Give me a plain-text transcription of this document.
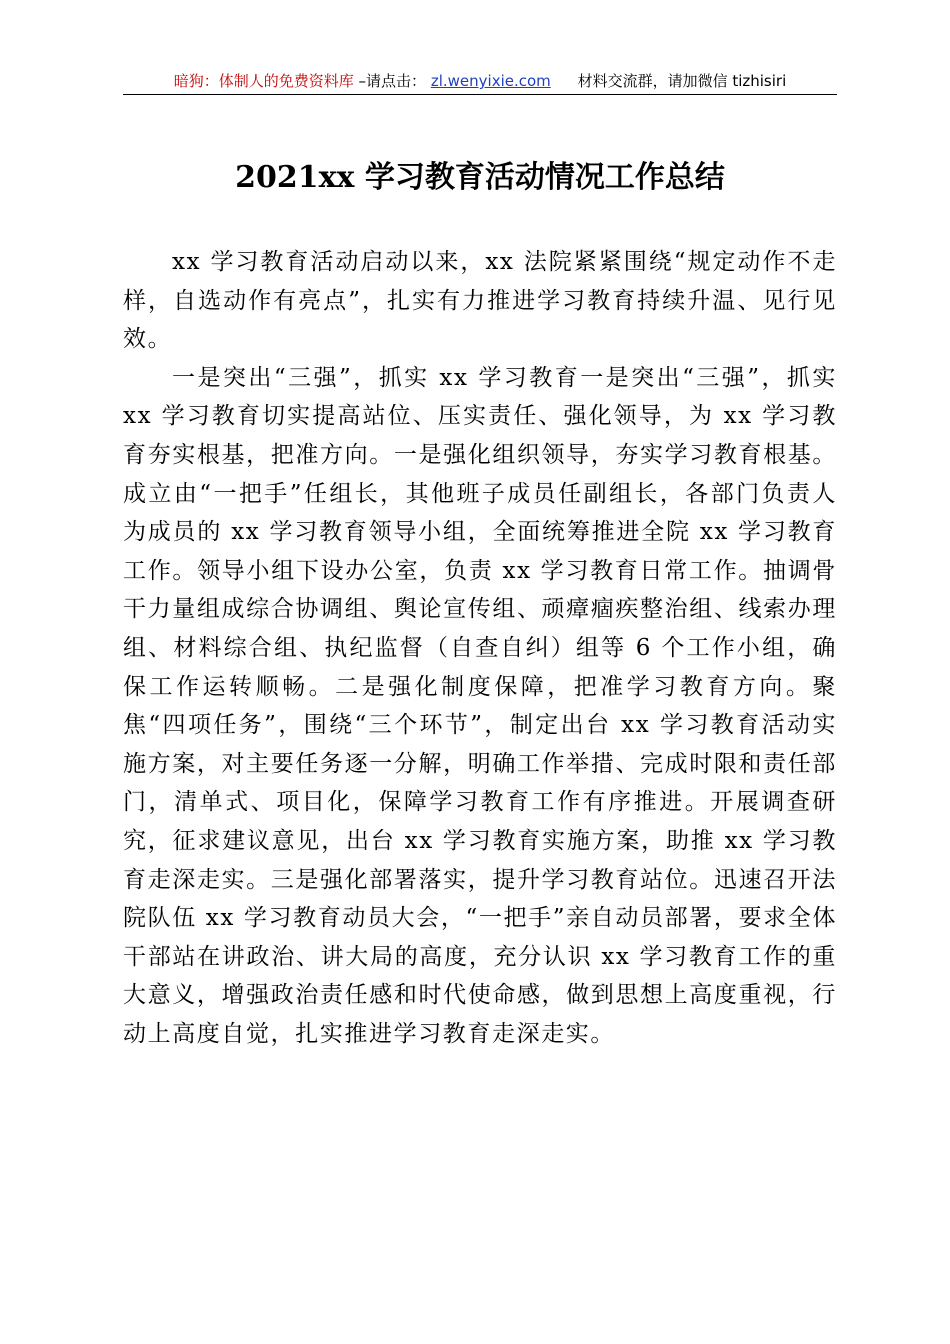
暗狗：体制人的免费资料库 –请点击： zl.wenyixie.com 材料交流群，请加微信 tizhisiri
2021xx 学习教育活动情况工作总结

xx 学习教育活动启动以来，xx 法院紧紧围绕“规定动作不走样，自选动作有亮点”，扎实有力推进学习教育持续升温、见行见效。

一是突出“三强”，抓实 xx 学习教育一是突出“三强”，抓实 xx 学习教育切实提高站位、压实责任、强化领导，为 xx 学习教育夯实根基，把准方向。一是强化组织领导，夯实学习教育根基。成立由“一把手”任组长，其他班子成员任副组长，各部门负责人为成员的 xx 学习教育领导小组，全面统筹推进全院 xx 学习教育工作。领导小组下设办公室，负责 xx 学习教育日常工作。抽调骨干力量组成综合协调组、舆论宣传组、顽瘴痼疾整治组、线索办理组、材料综合组、执纪监督（自查自纠）组等 6 个工作小组，确保工作运转顺畅。二是强化制度保障，把准学习教育方向。聚焦“四项任务”，围绕“三个环节”，制定出台 xx 学习教育活动实施方案，对主要任务逐一分解，明确工作举措、完成时限和责任部门，清单式、项目化，保障学习教育工作有序推进。开展调查研究，征求建议意见，出台 xx 学习教育实施方案，助推 xx 学习教育走深走实。三是强化部署落实，提升学习教育站位。迅速召开法院队伍 xx 学习教育动员大会，“一把手”亲自动员部署，要求全体干部站在讲政治、讲大局的高度，充分认识 xx 学习教育工作的重大意义，增强政治责任感和时代使命感，做到思想上高度重视，行动上高度自觉，扎实推进学习教育走深走实。
